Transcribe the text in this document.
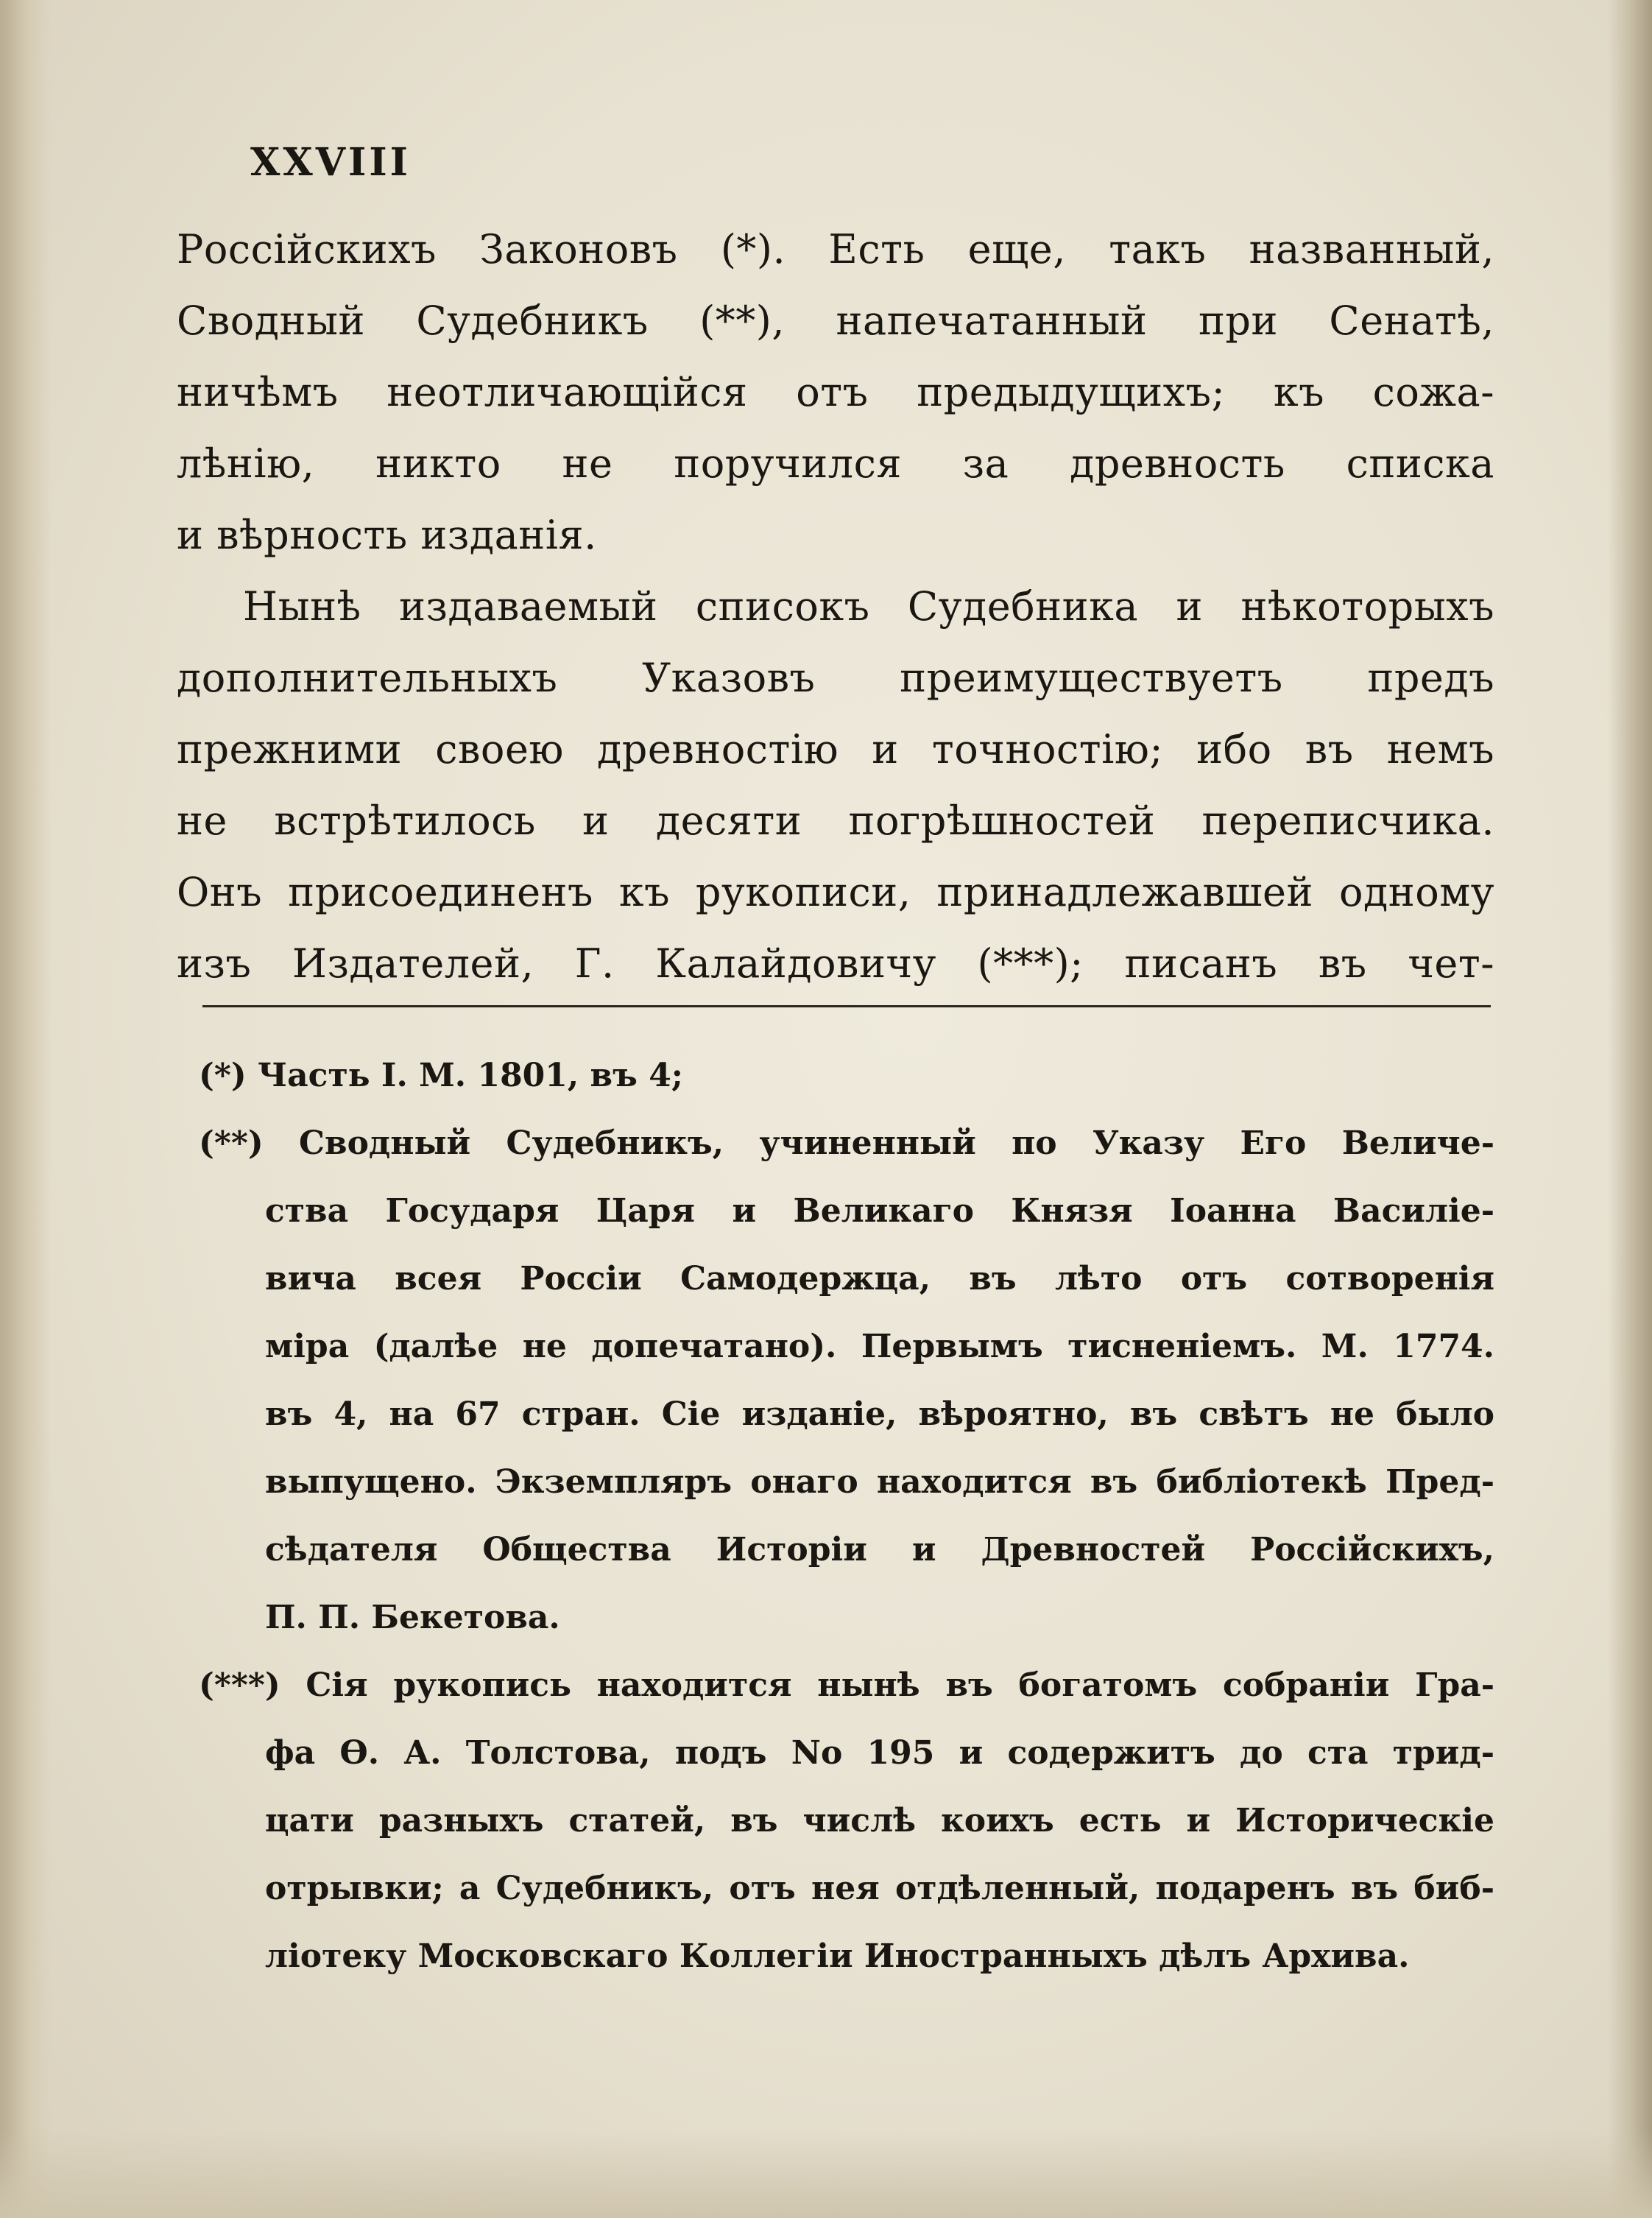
XXVIII

Россійскихъ Законовъ (*). Есть еще, такъ названный,
Сводный Судебникъ (**), напечатанный при Сенатѣ,
ничѣмъ неотличающійся отъ предыдущихъ; къ сожа-
лѣнію, никто не поручился за древность списка
и вѣрность изданія.
Нынѣ издаваемый списокъ Судебника и нѣкоторыхъ
дополнительныхъ Указовъ преимуществуетъ предъ
прежними своею древностію и точностію; ибо въ немъ
не встрѣтилось и десяти погрѣшностей переписчика.
Онъ присоединенъ къ рукописи, принадлежавшей одному
изъ Издателей, Г. Калайдовичу (***); писанъ въ чет-
(*) Часть I. М. 1801, въ 4;
(**) Сводный Судебникъ, учиненный по Указу Его Величе-
ства Государя Царя и Великаго Князя Іоанна Василіе-
вича всея Россіи Самодержца, въ лѣто отъ сотворенія
міра (далѣе не допечатано). Первымъ тисненіемъ. М. 1774.
въ 4, на 67 стран. Сіе изданіе, вѣроятно, въ свѣтъ не было
выпущено. Экземпляръ онаго находится въ библіотекѣ Пред-
сѣдателя Общества Исторіи и Древностей Россійскихъ,
П. П. Бекетова.
(***) Сія рукопись находится нынѣ въ богатомъ собраніи Гра-
фа Ѳ. А. Толстова, подъ No 195 и содержитъ до ста трид-
цати разныхъ статей, въ числѣ коихъ есть и Историческіе
отрывки; а Судебникъ, отъ нея отдѣленный, подаренъ въ биб-
ліотеку Московскаго Коллегіи Иностранныхъ дѣлъ Архива.
